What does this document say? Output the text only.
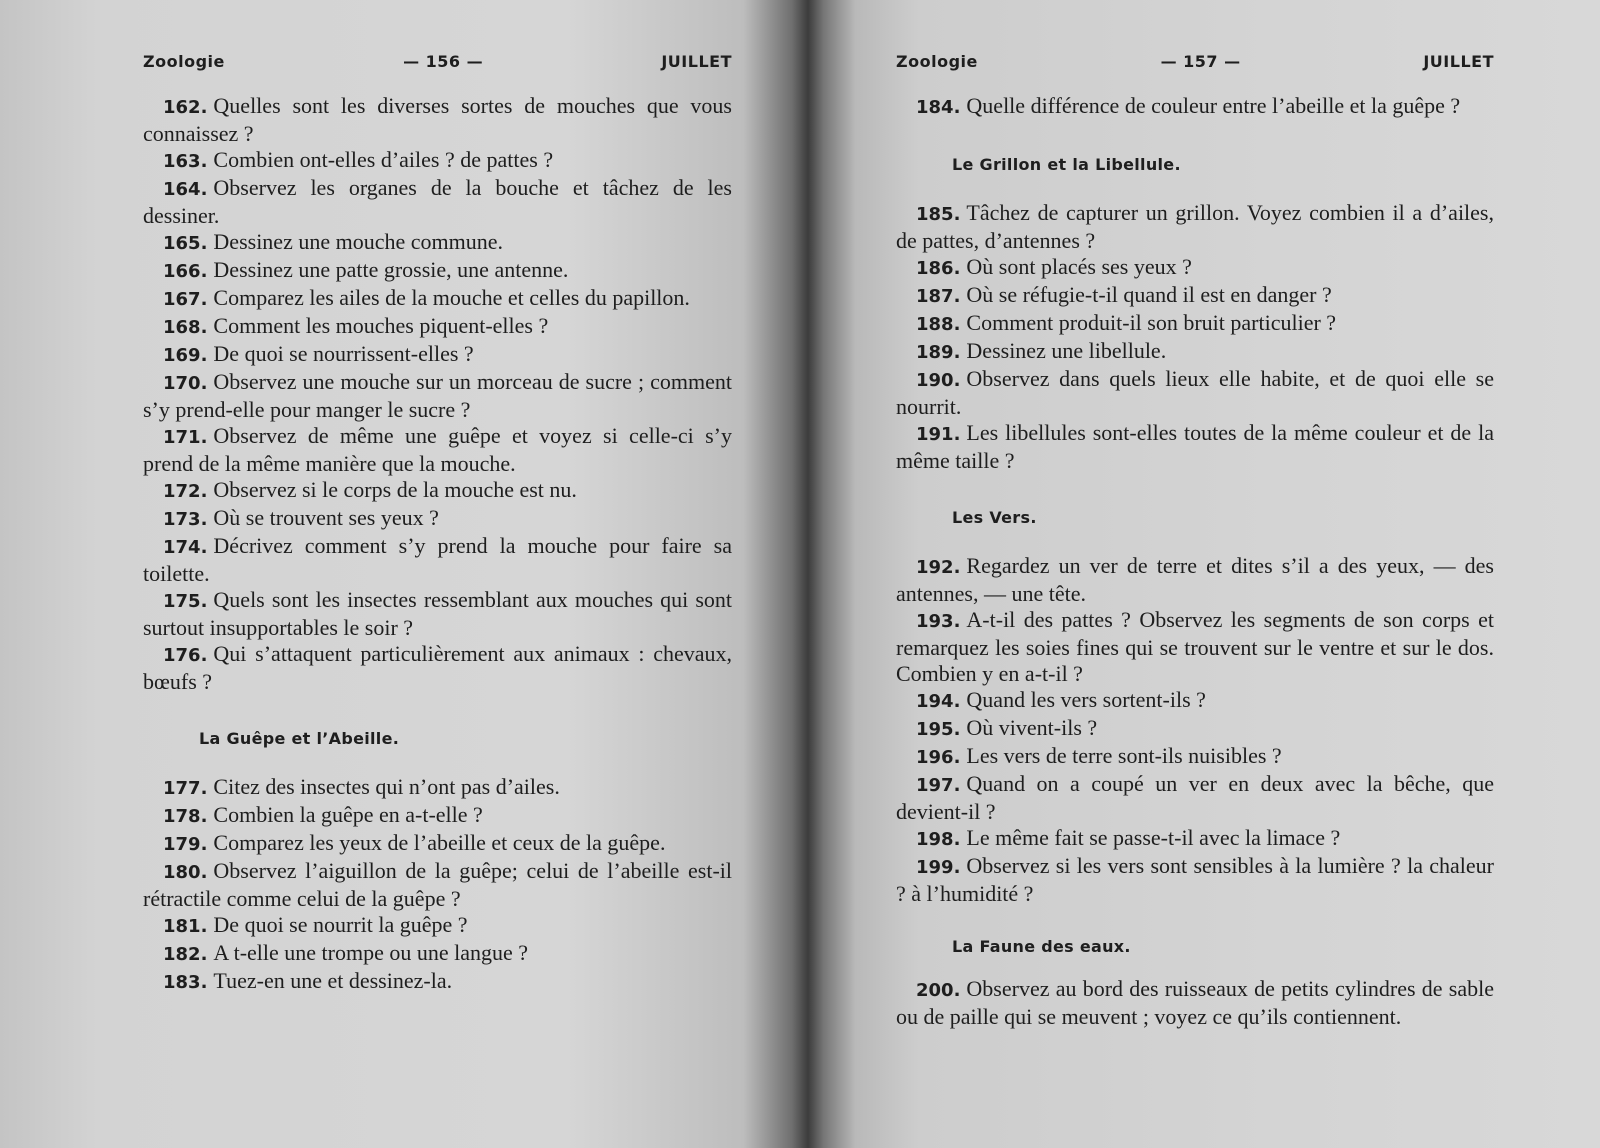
Zoologie	— 156 —	JUILLET

162. Quelles sont les diverses sortes de mouches que vous connaissez ?

163. Combien ont-elles d’ailes ? de pattes ?

164. Observez les organes de la bouche et tâchez de les dessiner.

165. Dessinez une mouche commune.

166. Dessinez une patte grossie, une antenne.

167. Comparez les ailes de la mouche et celles du papillon.

168. Comment les mouches piquent-elles ?

169. De quoi se nourrissent-elles ?

170. Observez une mouche sur un morceau de sucre ; comment s’y prend-elle pour manger le sucre ?

171. Observez de même une guêpe et voyez si celle-ci s’y prend de la même manière que la mouche.

172. Observez si le corps de la mouche est nu.

173. Où se trouvent ses yeux ?

174. Décrivez comment s’y prend la mouche pour faire sa toilette.

175. Quels sont les insectes ressemblant aux mouches qui sont surtout insupportables le soir ?

176. Qui s’attaquent particulièrement aux animaux : chevaux, bœufs ?

La Guêpe et l’Abeille.

177. Citez des insectes qui n’ont pas d’ailes.

178. Combien la guêpe en a-t-elle ?

179. Comparez les yeux de l’abeille et ceux de la guêpe.

180. Observez l’aiguillon de la guêpe; celui de l’abeille est-il rétractile comme celui de la guêpe ?

181. De quoi se nourrit la guêpe ?

182. A t-elle une trompe ou une langue ?

183. Tuez-en une et dessinez-la.

Zoologie	— 157 —	JUILLET

184. Quelle différence de couleur entre l’abeille et la guêpe ?

Le Grillon et la Libellule.

185. Tâchez de capturer un grillon. Voyez combien il a d’ailes, de pattes, d’antennes ?

186. Où sont placés ses yeux ?

187. Où se réfugie-t-il quand il est en danger ?

188. Comment produit-il son bruit particulier ?

189. Dessinez une libellule.

190. Observez dans quels lieux elle habite, et de quoi elle se nourrit.

191. Les libellules sont-elles toutes de la même couleur et de la même taille ?

Les Vers.

192. Regardez un ver de terre et dites s’il a des yeux, — des antennes, — une tête.

193. A-t-il des pattes ? Observez les segments de son corps et remarquez les soies fines qui se trouvent sur le ventre et sur le dos. Combien y en a-t-il ?

194. Quand les vers sortent-ils ?

195. Où vivent-ils ?

196. Les vers de terre sont-ils nuisibles ?

197. Quand on a coupé un ver en deux avec la bêche, que devient-il ?

198. Le même fait se passe-t-il avec la limace ?

199. Observez si les vers sont sensibles à la lumière ? la chaleur ? à l’humidité ?

La Faune des eaux.

200. Observez au bord des ruisseaux de petits cylindres de sable ou de paille qui se meuvent ; voyez ce qu’ils contiennent.
